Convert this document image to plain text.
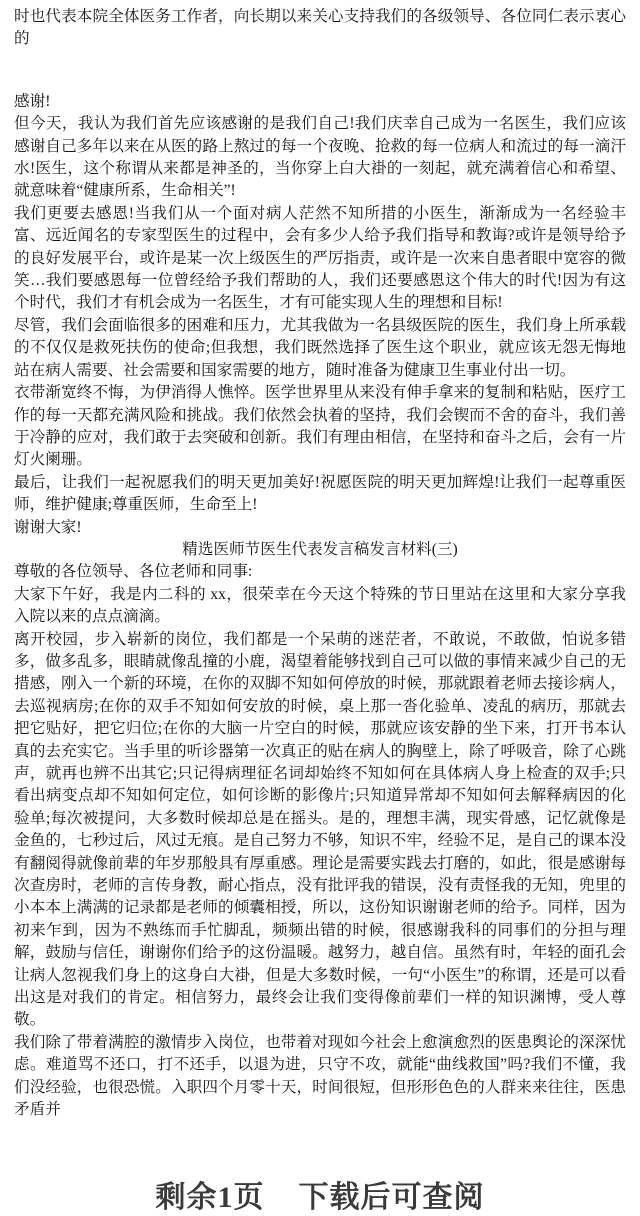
时也代表本院全体医务工作者，向长期以来关心支持我们的各级领导、各位同仁表示衷心的

感谢!

但今天，我认为我们首先应该感谢的是我们自己!我们庆幸自己成为一名医生，我们应该感谢自己多年以来在从医的路上熬过的每一个夜晚、抢救的每一位病人和流过的每一滴汗水!医生，这个称谓从来都是神圣的，当你穿上白大褂的一刻起，就充满着信心和希望、就意味着“健康所系，生命相关”!

我们更要去感恩!当我们从一个面对病人茫然不知所措的小医生，渐渐成为一名经验丰富、远近闻名的专家型医生的过程中，会有多少人给予我们指导和教诲?或许是领导给予的良好发展平台，或许是某一次上级医生的严厉指责，或许是一次来自患者眼中宽容的微笑…我们要感恩每一位曾经给予我们帮助的人，我们还要感恩这个伟大的时代!因为有这个时代，我们才有机会成为一名医生，才有可能实现人生的理想和目标!

尽管，我们会面临很多的困难和压力，尤其我做为一名县级医院的医生，我们身上所承载的不仅仅是救死扶伤的使命;但我想，我们既然选择了医生这个职业，就应该无怨无悔地站在病人需要、社会需要和国家需要的地方，随时准备为健康卫生事业付出一切。

衣带渐宽终不悔，为伊消得人憔悴。医学世界里从来没有伸手拿来的复制和粘贴，医疗工作的每一天都充满风险和挑战。我们依然会执着的坚持，我们会锲而不舍的奋斗，我们善于冷静的应对，我们敢于去突破和创新。我们有理由相信，在坚持和奋斗之后，会有一片灯火阑珊。

最后，让我们一起祝愿我们的明天更加美好!祝愿医院的明天更加辉煌!让我们一起尊重医师，维护健康;尊重医师，生命至上!

谢谢大家!

精选医师节医生代表发言稿发言材料(三)

尊敬的各位领导、各位老师和同事:

大家下午好，我是内二科的 xx，很荣幸在今天这个特殊的节日里站在这里和大家分享我入院以来的点点滴滴。

离开校园，步入崭新的岗位，我们都是一个呆萌的迷茫者，不敢说，不敢做，怕说多错多，做多乱多，眼睛就像乱撞的小鹿，渴望着能够找到自己可以做的事情来减少自己的无措感，刚入一个新的环境，在你的双脚不知如何停放的时候，那就跟着老师去接诊病人，去巡视病房;在你的双手不知如何安放的时候，桌上那一沓化验单、凌乱的病历，那就去把它贴好，把它归位;在你的大脑一片空白的时候，那就应该安静的坐下来，打开书本认真的去充实它。当手里的听诊器第一次真正的贴在病人的胸壁上，除了呼吸音，除了心跳声，就再也辨不出其它;只记得病理征名词却始终不知如何在具体病人身上检查的双手;只看出病变点却不知如何定位，如何诊断的影像片;只知道异常却不知如何去解释病因的化验单;每次被提问，大多数时候却总是在摇头。是的，理想丰满，现实骨感，记忆就像是金鱼的，七秒过后，风过无痕。是自己努力不够，知识不牢，经验不足，是自己的课本没有翻阅得就像前辈的年岁那般具有厚重感。理论是需要实践去打磨的，如此，很是感谢每次查房时，老师的言传身教，耐心指点，没有批评我的错误，没有责怪我的无知，兜里的小本本上满满的记录都是老师的倾囊相授，所以，这份知识谢谢老师的给予。同样，因为初来乍到，因为不熟练而手忙脚乱，频频出错的时候，很感谢我科的同事们的分担与理解，鼓励与信任，谢谢你们给予的这份温暖。越努力，越自信。虽然有时，年轻的面孔会让病人忽视我们身上的这身白大褂，但是大多数时候，一句“小医生”的称谓，还是可以看出这是对我们的肯定。相信努力，最终会让我们变得像前辈们一样的知识渊博，受人尊敬。

我们除了带着满腔的激情步入岗位，也带着对现如今社会上愈演愈烈的医患舆论的深深忧虑。难道骂不还口，打不还手，以退为进，只守不攻，就能“曲线救国”吗?我们不懂，我们没经验，也很恐慌。入职四个月零十天，时间很短，但形形色色的人群来来往往，医患矛盾并

剩余1页 下载后可查阅
